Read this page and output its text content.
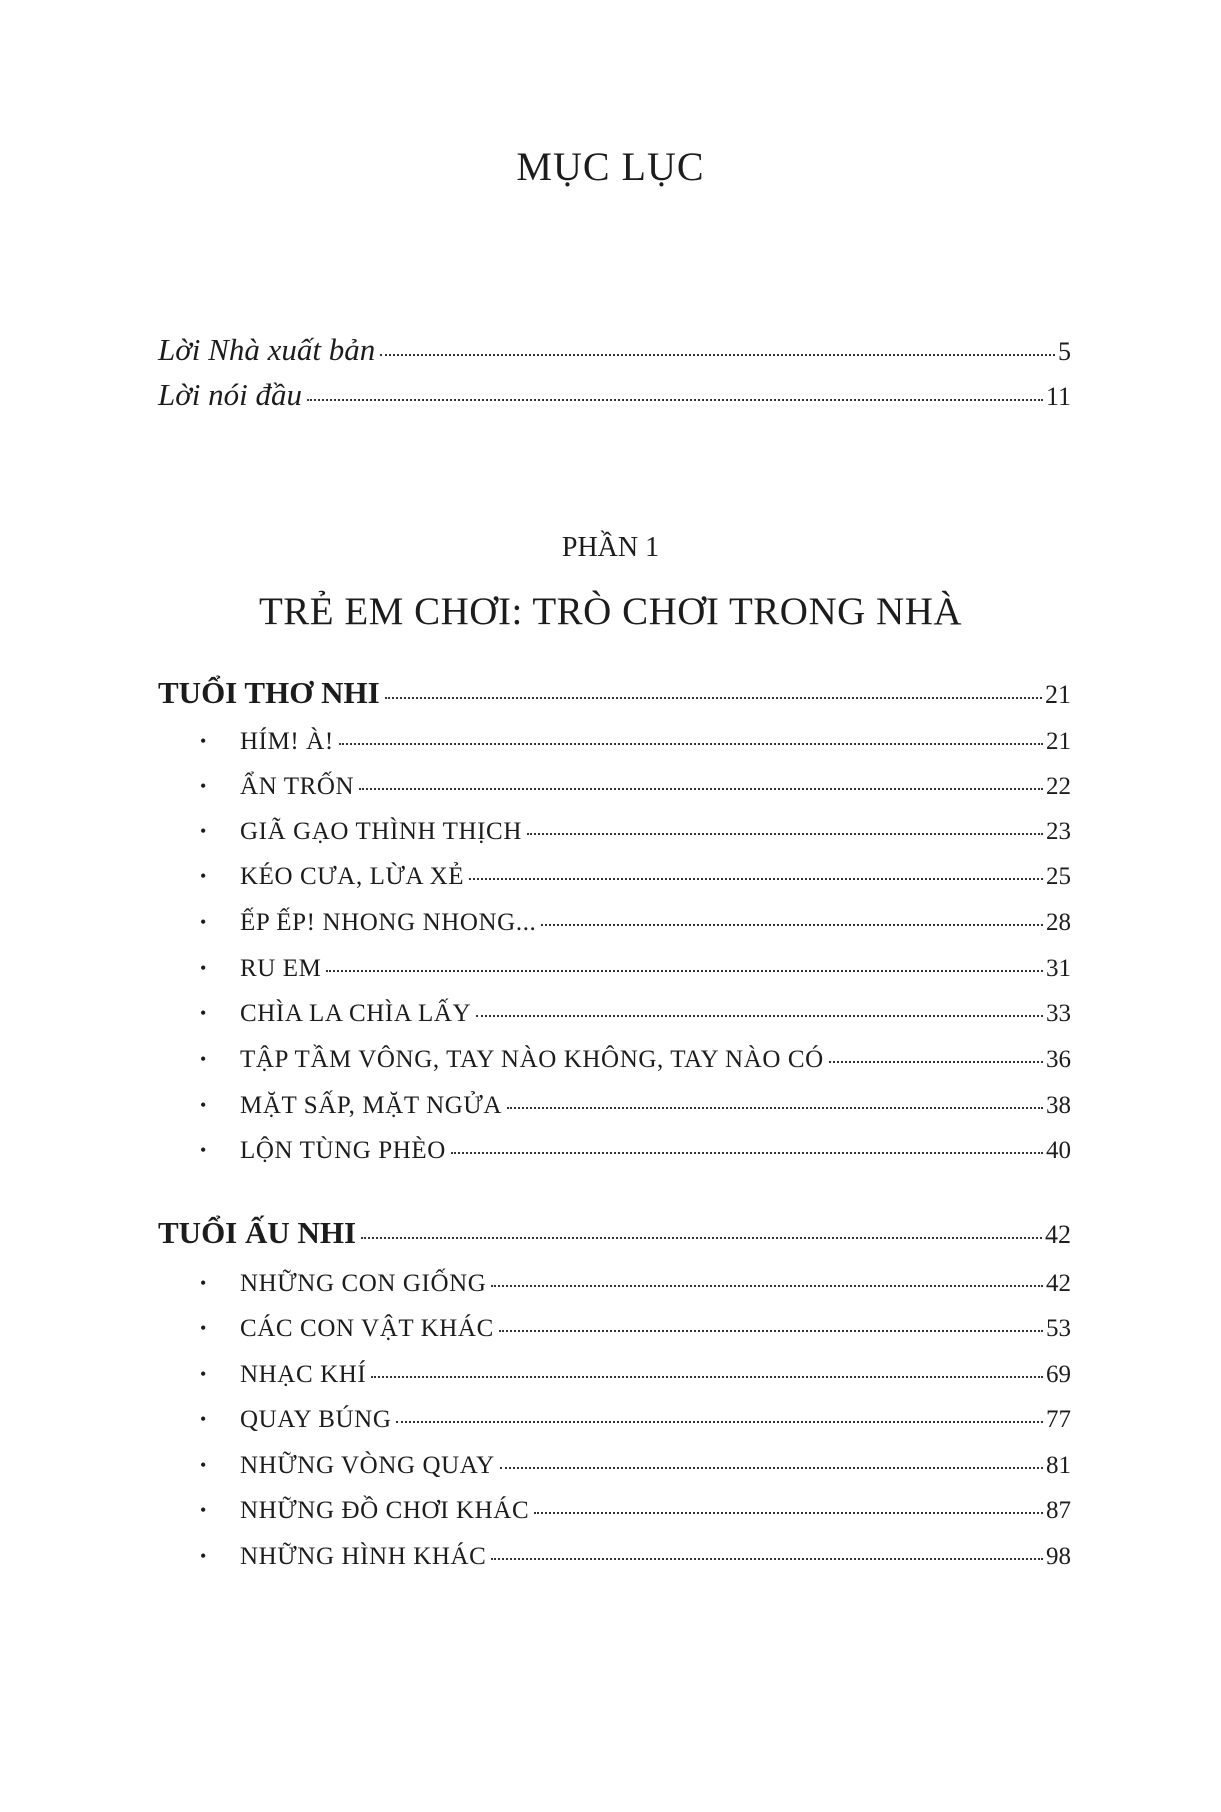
MỤC LỤC
Lời Nhà xuất bản	5
Lời nói đầu	11
PHẦN 1
TRẺ EM CHƠI: TRÒ CHƠI TRONG NHÀ
TUỔI THƠ NHI	21
•	HÍM! À!	21
•	ẨN TRỐN	22
•	GIÃ GẠO THÌNH THỊCH	23
•	KÉO CƯA, LỪA XẺ	25
•	ẾP ẾP! NHONG NHONG...	28
•	RU EM	31
•	CHÌA LA CHÌA LẤY	33
•	TẬP TẦM VÔNG, TAY NÀO KHÔNG, TAY NÀO CÓ	36
•	MẶT SẤP, MẶT NGỬA	38
•	LỘN TÙNG PHÈO	40
TUỔI ẤU NHI	42
•	NHỮNG CON GIỐNG	42
•	CÁC CON VẬT KHÁC	53
•	NHẠC KHÍ	69
•	QUAY BÚNG	77
•	NHỮNG VÒNG QUAY	81
•	NHỮNG ĐỒ CHƠI KHÁC	87
•	NHỮNG HÌNH KHÁC	98
